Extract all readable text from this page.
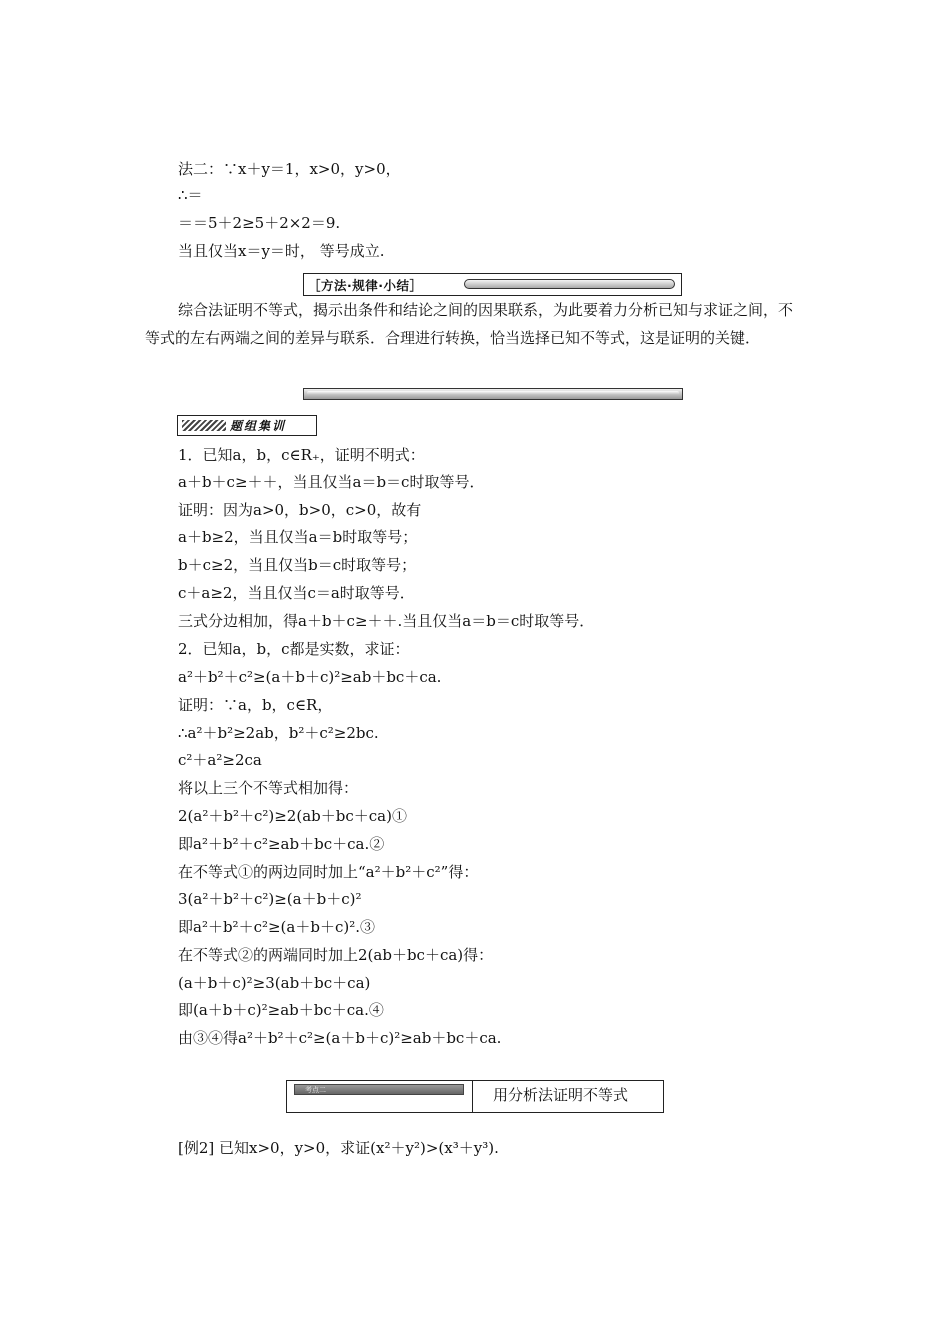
法二：∵x＋y＝1，x>0，y>0，
∴＝
＝＝5＋2≥5＋2×2＝9.
当且仅当x＝y＝时， 等号成立.
［方法·规律·小结］
综合法证明不等式，揭示出条件和结论之间的因果联系，为此要着力分析已知与求证之间，不等式的左右两端之间的差异与联系．合理进行转换，恰当选择已知不等式，这是证明的关键．
题组集训
1．已知a，b，c∈R₊，证明不明式：
a＋b＋c≥＋＋，当且仅当a＝b＝c时取等号．
证明：因为a>0，b>0，c>0，故有
a＋b≥2，当且仅当a＝b时取等号；
b＋c≥2，当且仅当b＝c时取等号；
c＋a≥2，当且仅当c＝a时取等号．
三式分边相加，得a＋b＋c≥＋＋.当且仅当a＝b＝c时取等号．
2．已知a，b，c都是实数，求证：
a²＋b²＋c²≥(a＋b＋c)²≥ab＋bc＋ca.
证明：∵a，b，c∈R，
∴a²＋b²≥2ab，b²＋c²≥2bc.
c²＋a²≥2ca
将以上三个不等式相加得：
2(a²＋b²＋c²)≥2(ab＋bc＋ca)①
即a²＋b²＋c²≥ab＋bc＋ca.②
在不等式①的两边同时加上“a²＋b²＋c²”得：
3(a²＋b²＋c²)≥(a＋b＋c)²
即a²＋b²＋c²≥(a＋b＋c)².③
在不等式②的两端同时加上2(ab＋bc＋ca)得：
(a＋b＋c)²≥3(ab＋bc＋ca)
即(a＋b＋c)²≥ab＋bc＋ca.④
由③④得a²＋b²＋c²≥(a＋b＋c)²≥ab＋bc＋ca.
考点二	用分析法证明不等式
[例2] 已知x>0，y>0，求证(x²＋y²)>(x³＋y³).
